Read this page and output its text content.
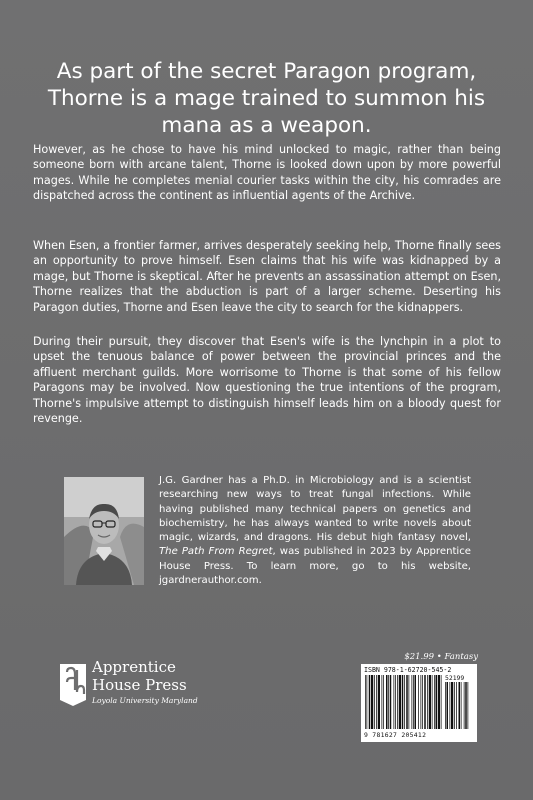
As part of the secret Paragon program, Thorne is a mage trained to summon his mana as a weapon.

However, as he chose to have his mind unlocked to magic, rather than being someone born with arcane talent, Thorne is looked down upon by more powerful mages. While he completes menial courier tasks within the city, his comrades are dispatched across the continent as influential agents of the Archive.

When Esen, a frontier farmer, arrives desperately seeking help, Thorne finally sees an opportunity to prove himself. Esen claims that his wife was kidnapped by a mage, but Thorne is skeptical. After he prevents an assassination attempt on Esen, Thorne realizes that the abduction is part of a larger scheme. Deserting his Paragon duties, Thorne and Esen leave the city to search for the kidnappers.

During their pursuit, they discover that Esen's wife is the lynchpin in a plot to upset the tenuous balance of power between the provincial princes and the affluent merchant guilds. More worrisome to Thorne is that some of his fellow Paragons may be involved. Now questioning the true intentions of the program, Thorne's impulsive attempt to distinguish himself leads him on a bloody quest for revenge.

J.G. Gardner has a Ph.D. in Microbiology and is a scientist researching new ways to treat fungal infections. While having published many technical papers on genetics and biochemistry, he has always wanted to write novels about magic, wizards, and dragons. His debut high fantasy novel, The Path From Regret, was published in 2023 by Apprentice House Press. To learn more, go to his website, jgardnerauthor.com.

Apprentice
House Press
Loyola University Maryland
$21.99 • Fantasy
ISBN 978-1-62720-545-2
52199
9 781627 205412
